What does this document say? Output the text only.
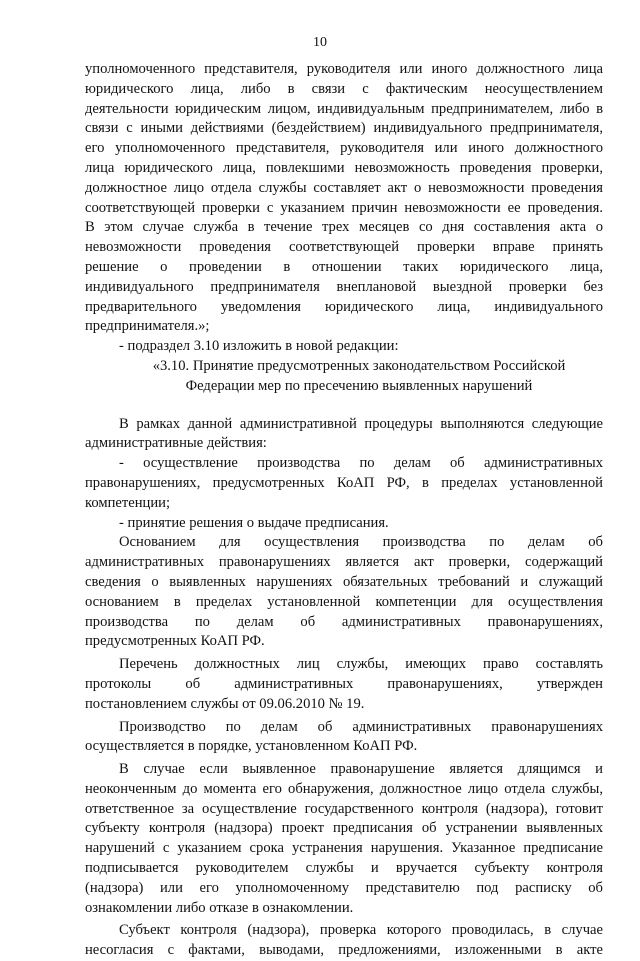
10
уполномоченного представителя, руководителя или иного должностного лица
юридического лица, либо в связи с фактическим неосуществлением
деятельности юридическим лицом, индивидуальным предпринимателем, либо в
связи с иными действиями (бездействием) индивидуального предпринимателя,
его уполномоченного представителя, руководителя или иного должностного
лица юридического лица, повлекшими невозможность проведения проверки,
должностное лицо отдела службы составляет акт о невозможности проведения
соответствующей проверки с указанием причин невозможности ее проведения.
В этом случае служба в течение трех месяцев со дня составления акта о
невозможности проведения соответствующей проверки вправе принять
решение о проведении в отношении таких юридического лица,
индивидуального предпринимателя внеплановой выездной проверки без
предварительного уведомления юридического лица, индивидуального
предпринимателя.»;
- подраздел 3.10 изложить в новой редакции:
«3.10. Принятие предусмотренных законодательством Российской
Федерации мер по пресечению выявленных нарушений
В рамках данной административной процедуры выполняются следующие
административные действия:
- осуществление производства по делам об административных
правонарушениях, предусмотренных КоАП РФ, в пределах установленной
компетенции;
- принятие решения о выдаче предписания.
Основанием для осуществления производства по делам об
административных правонарушениях является акт проверки, содержащий
сведения о выявленных нарушениях обязательных требований и служащий
основанием в пределах установленной компетенции для осуществления
производства по делам об административных правонарушениях,
предусмотренных КоАП РФ.
Перечень должностных лиц службы, имеющих право составлять
протоколы об административных правонарушениях, утвержден
постановлением службы от 09.06.2010 № 19.
Производство по делам об административных правонарушениях
осуществляется в порядке, установленном КоАП РФ.
В случае если выявленное правонарушение является длящимся и
неоконченным до момента его обнаружения, должностное лицо отдела службы,
ответственное за осуществление государственного контроля (надзора), готовит
субъекту контроля (надзора) проект предписания об устранении выявленных
нарушений с указанием срока устранения нарушения. Указанное предписание
подписывается руководителем службы и вручается субъекту контроля
(надзора) или его уполномоченному представителю под расписку об
ознакомлении либо отказе в ознакомлении.
Субъект контроля (надзора), проверка которого проводилась, в случае
несогласия с фактами, выводами, предложениями, изложенными в акте
